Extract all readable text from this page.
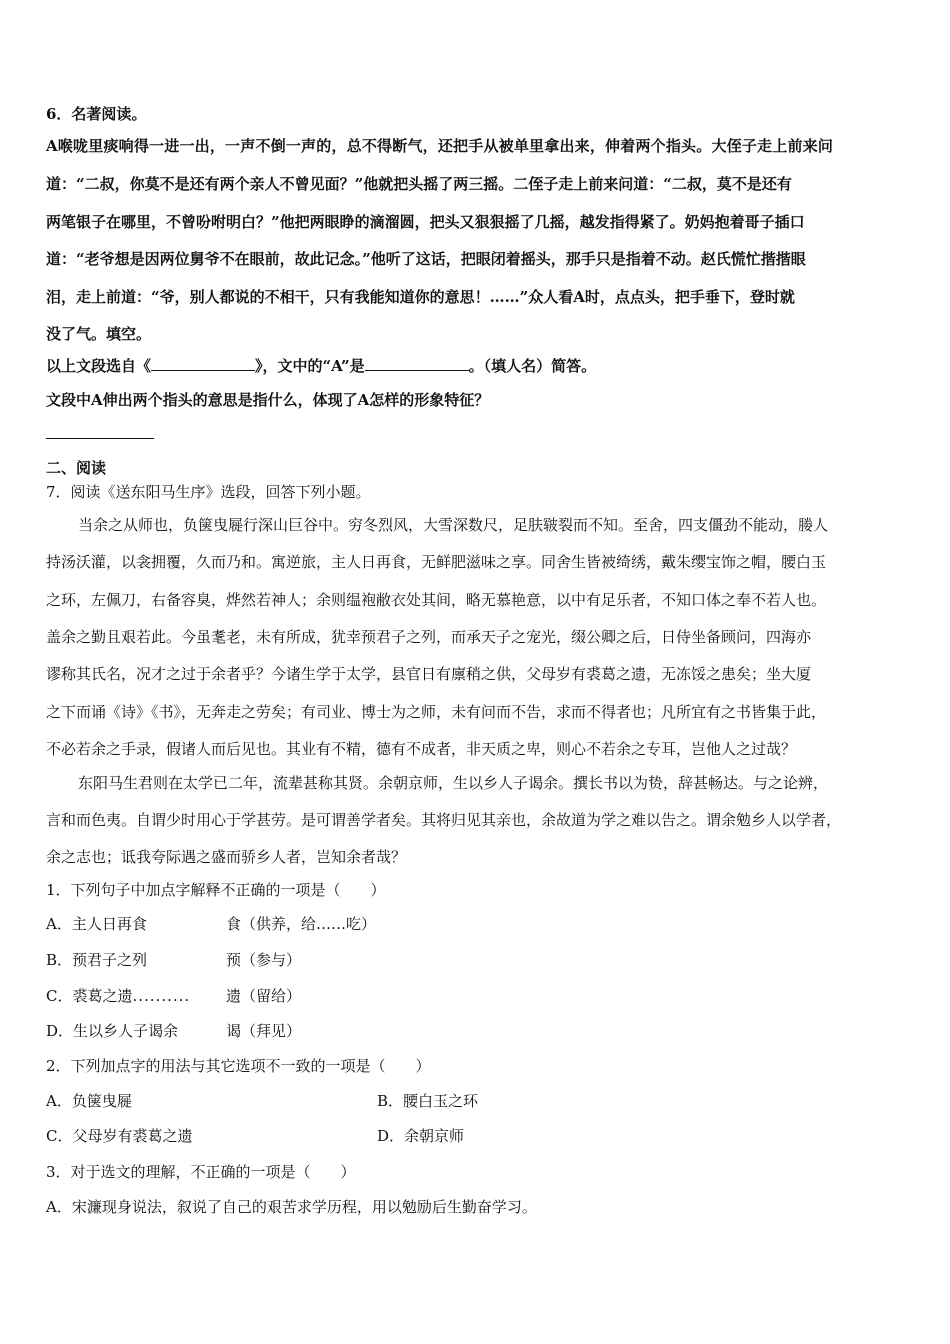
6．名著阅读。
A喉咙里痰响得一进一出，一声不倒一声的，总不得断气，还把手从被单里拿出来，伸着两个指头。大侄子走上前来问
道：“二叔，你莫不是还有两个亲人不曾见面？”他就把头摇了两三摇。二侄子走上前来问道：“二叔，莫不是还有
两笔银子在哪里，不曾吩咐明白？”他把两眼睁的滴溜圆，把头又狠狠摇了几摇，越发指得紧了。奶妈抱着哥子插口
道：“老爷想是因两位舅爷不在眼前，故此记念。”他听了这话，把眼闭着摇头，那手只是指着不动。赵氏慌忙揩揩眼
泪，走上前道：“爷，别人都说的不相干，只有我能知道你的意思！……”众人看A时，点点头，把手垂下，登时就
没了气。填空。
以上文段选自《	》，文中的“A”是	。（填人名）简答。
文段中A伸出两个指头的意思是指什么，体现了A怎样的形象特征？
二、阅读
7．阅读《送东阳马生序》选段，回答下列小题。
当余之从师也，负箧曳屣行深山巨谷中。穷冬烈风，大雪深数尺，足肤皲裂而不知。至舍，四支僵劲不能动，媵人
持汤沃灌，以衾拥覆，久而乃和。寓逆旅，主人日再食，无鲜肥滋味之享。同舍生皆被绮绣，戴朱缨宝饰之帽，腰白玉
之环，左佩刀，右备容臭，烨然若神人；余则缊袍敝衣处其间，略无慕艳意，以中有足乐者，不知口体之奉不若人也。
盖余之勤且艰若此。今虽耄老，未有所成，犹幸预君子之列，而承天子之宠光，缀公卿之后，日侍坐备顾问，四海亦
谬称其氏名，况才之过于余者乎？今诸生学于太学，县官日有廪稍之供，父母岁有裘葛之遗，无冻馁之患矣；坐大厦
之下而诵《诗》《书》，无奔走之劳矣；有司业、博士为之师，未有问而不告，求而不得者也；凡所宜有之书皆集于此，
不必若余之手录，假诸人而后见也。其业有不精，德有不成者，非天质之卑，则心不若余之专耳，岂他人之过哉？
东阳马生君则在太学已二年，流辈甚称其贤。余朝京师，生以乡人子谒余。撰长书以为贽，辞甚畅达。与之论辨，
言和而色夷。自谓少时用心于学甚劳。是可谓善学者矣。其将归见其亲也，余故道为学之难以告之。谓余勉乡人以学者，
余之志也；诋我夸际遇之盛而骄乡人者，岂知余者哉？
1．下列句子中加点字解释不正确的一项是（　　）
A．主人日再食	食（供养，给……吃）
B．预君子之列	预（参与）
C．裘葛之遗.......... 遗（留给）
D．生以乡人子谒余	谒（拜见）
2．下列加点字的用法与其它选项不一致的一项是（　　）
A．负箧曳屣	B．腰白玉之环
C．父母岁有裘葛之遗	D．余朝京师
3．对于选文的理解，不正确的一项是（　　）
A．宋濂现身说法，叙说了自己的艰苦求学历程，用以勉励后生勤奋学习。
